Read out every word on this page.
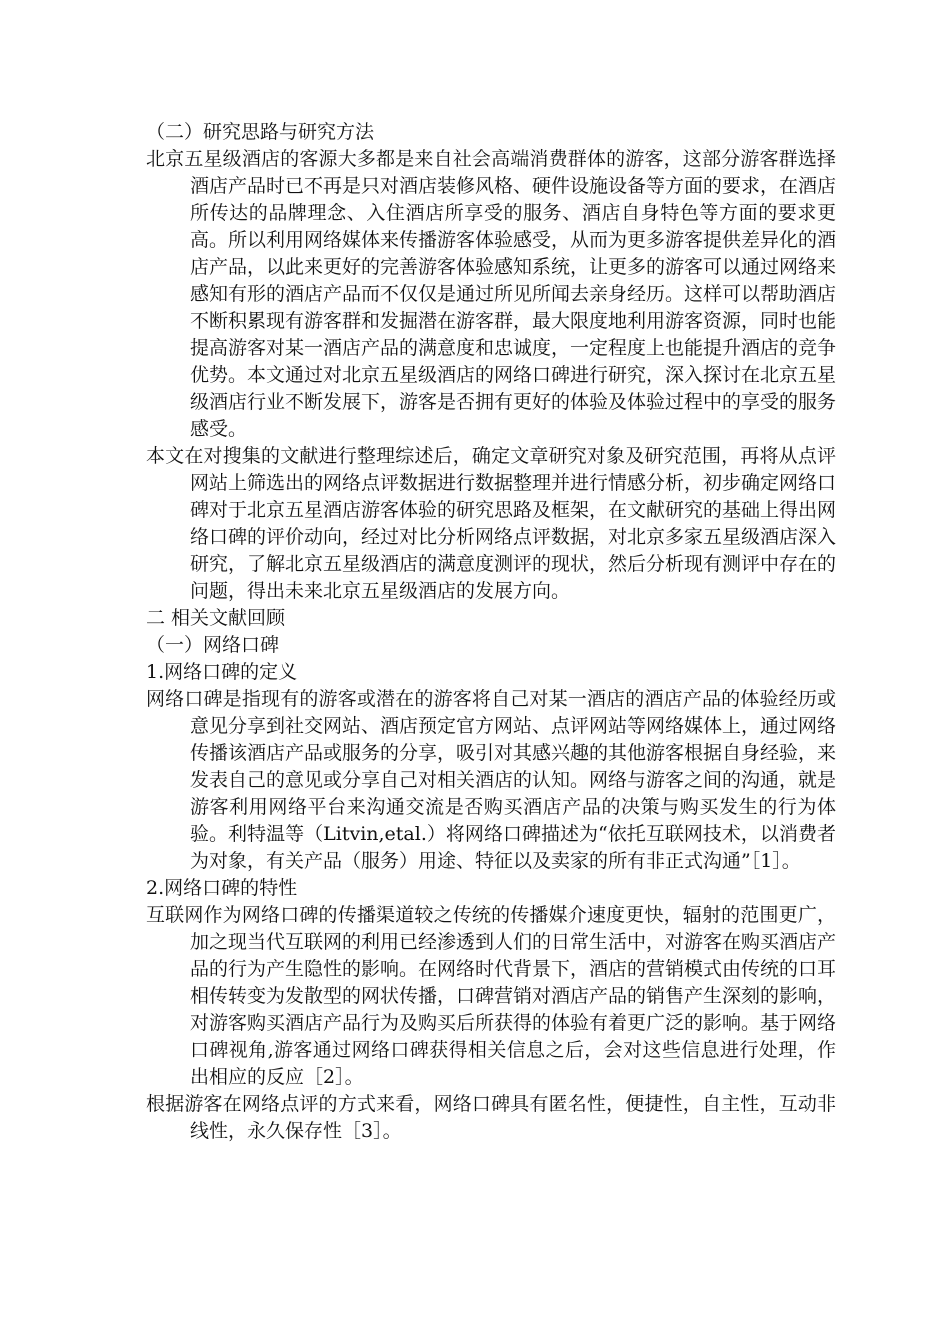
（二）研究思路与研究方法

北京五星级酒店的客源大多都是来自社会高端消费群体的游客，这部分游客群选择酒店产品时已不再是只对酒店装修风格、硬件设施设备等方面的要求，在酒店所传达的品牌理念、入住酒店所享受的服务、酒店自身特色等方面的要求更高。所以利用网络媒体来传播游客体验感受，从而为更多游客提供差异化的酒店产品，以此来更好的完善游客体验感知系统，让更多的游客可以通过网络来感知有形的酒店产品而不仅仅是通过所见所闻去亲身经历。这样可以帮助酒店不断积累现有游客群和发掘潜在游客群，最大限度地利用游客资源，同时也能提高游客对某一酒店产品的满意度和忠诚度，一定程度上也能提升酒店的竞争优势。本文通过对北京五星级酒店的网络口碑进行研究，深入探讨在北京五星级酒店行业不断发展下，游客是否拥有更好的体验及体验过程中的享受的服务感受。

本文在对搜集的文献进行整理综述后，确定文章研究对象及研究范围，再将从点评网站上筛选出的网络点评数据进行数据整理并进行情感分析，初步确定网络口碑对于北京五星酒店游客体验的研究思路及框架，在文献研究的基础上得出网络口碑的评价动向，经过对比分析网络点评数据，对北京多家五星级酒店深入研究，了解北京五星级酒店的满意度测评的现状，然后分析现有测评中存在的问题，得出未来北京五星级酒店的发展方向。

二 相关文献回顾

（一）网络口碑

1.网络口碑的定义

网络口碑是指现有的游客或潜在的游客将自己对某一酒店的酒店产品的体验经历或意见分享到社交网站、酒店预定官方网站、点评网站等网络媒体上，通过网络传播该酒店产品或服务的分享，吸引对其感兴趣的其他游客根据自身经验，来发表自己的意见或分享自己对相关酒店的认知。网络与游客之间的沟通，就是游客利用网络平台来沟通交流是否购买酒店产品的决策与购买发生的行为体验。利特温等（Litvin,etal.）将网络口碑描述为“依托互联网技术，以消费者为对象，有关产品（服务）用途、特征以及卖家的所有非正式沟通”［1］。

2.网络口碑的特性

互联网作为网络口碑的传播渠道较之传统的传播媒介速度更快，辐射的范围更广，加之现当代互联网的利用已经渗透到人们的日常生活中，对游客在购买酒店产品的行为产生隐性的影响。在网络时代背景下，酒店的营销模式由传统的口耳相传转变为发散型的网状传播，口碑营销对酒店产品的销售产生深刻的影响，对游客购买酒店产品行为及购买后所获得的体验有着更广泛的影响。基于网络口碑视角,游客通过网络口碑获得相关信息之后，会对这些信息进行处理，作出相应的反应［2］。

根据游客在网络点评的方式来看，网络口碑具有匿名性，便捷性，自主性，互动非线性，永久保存性［3］。
